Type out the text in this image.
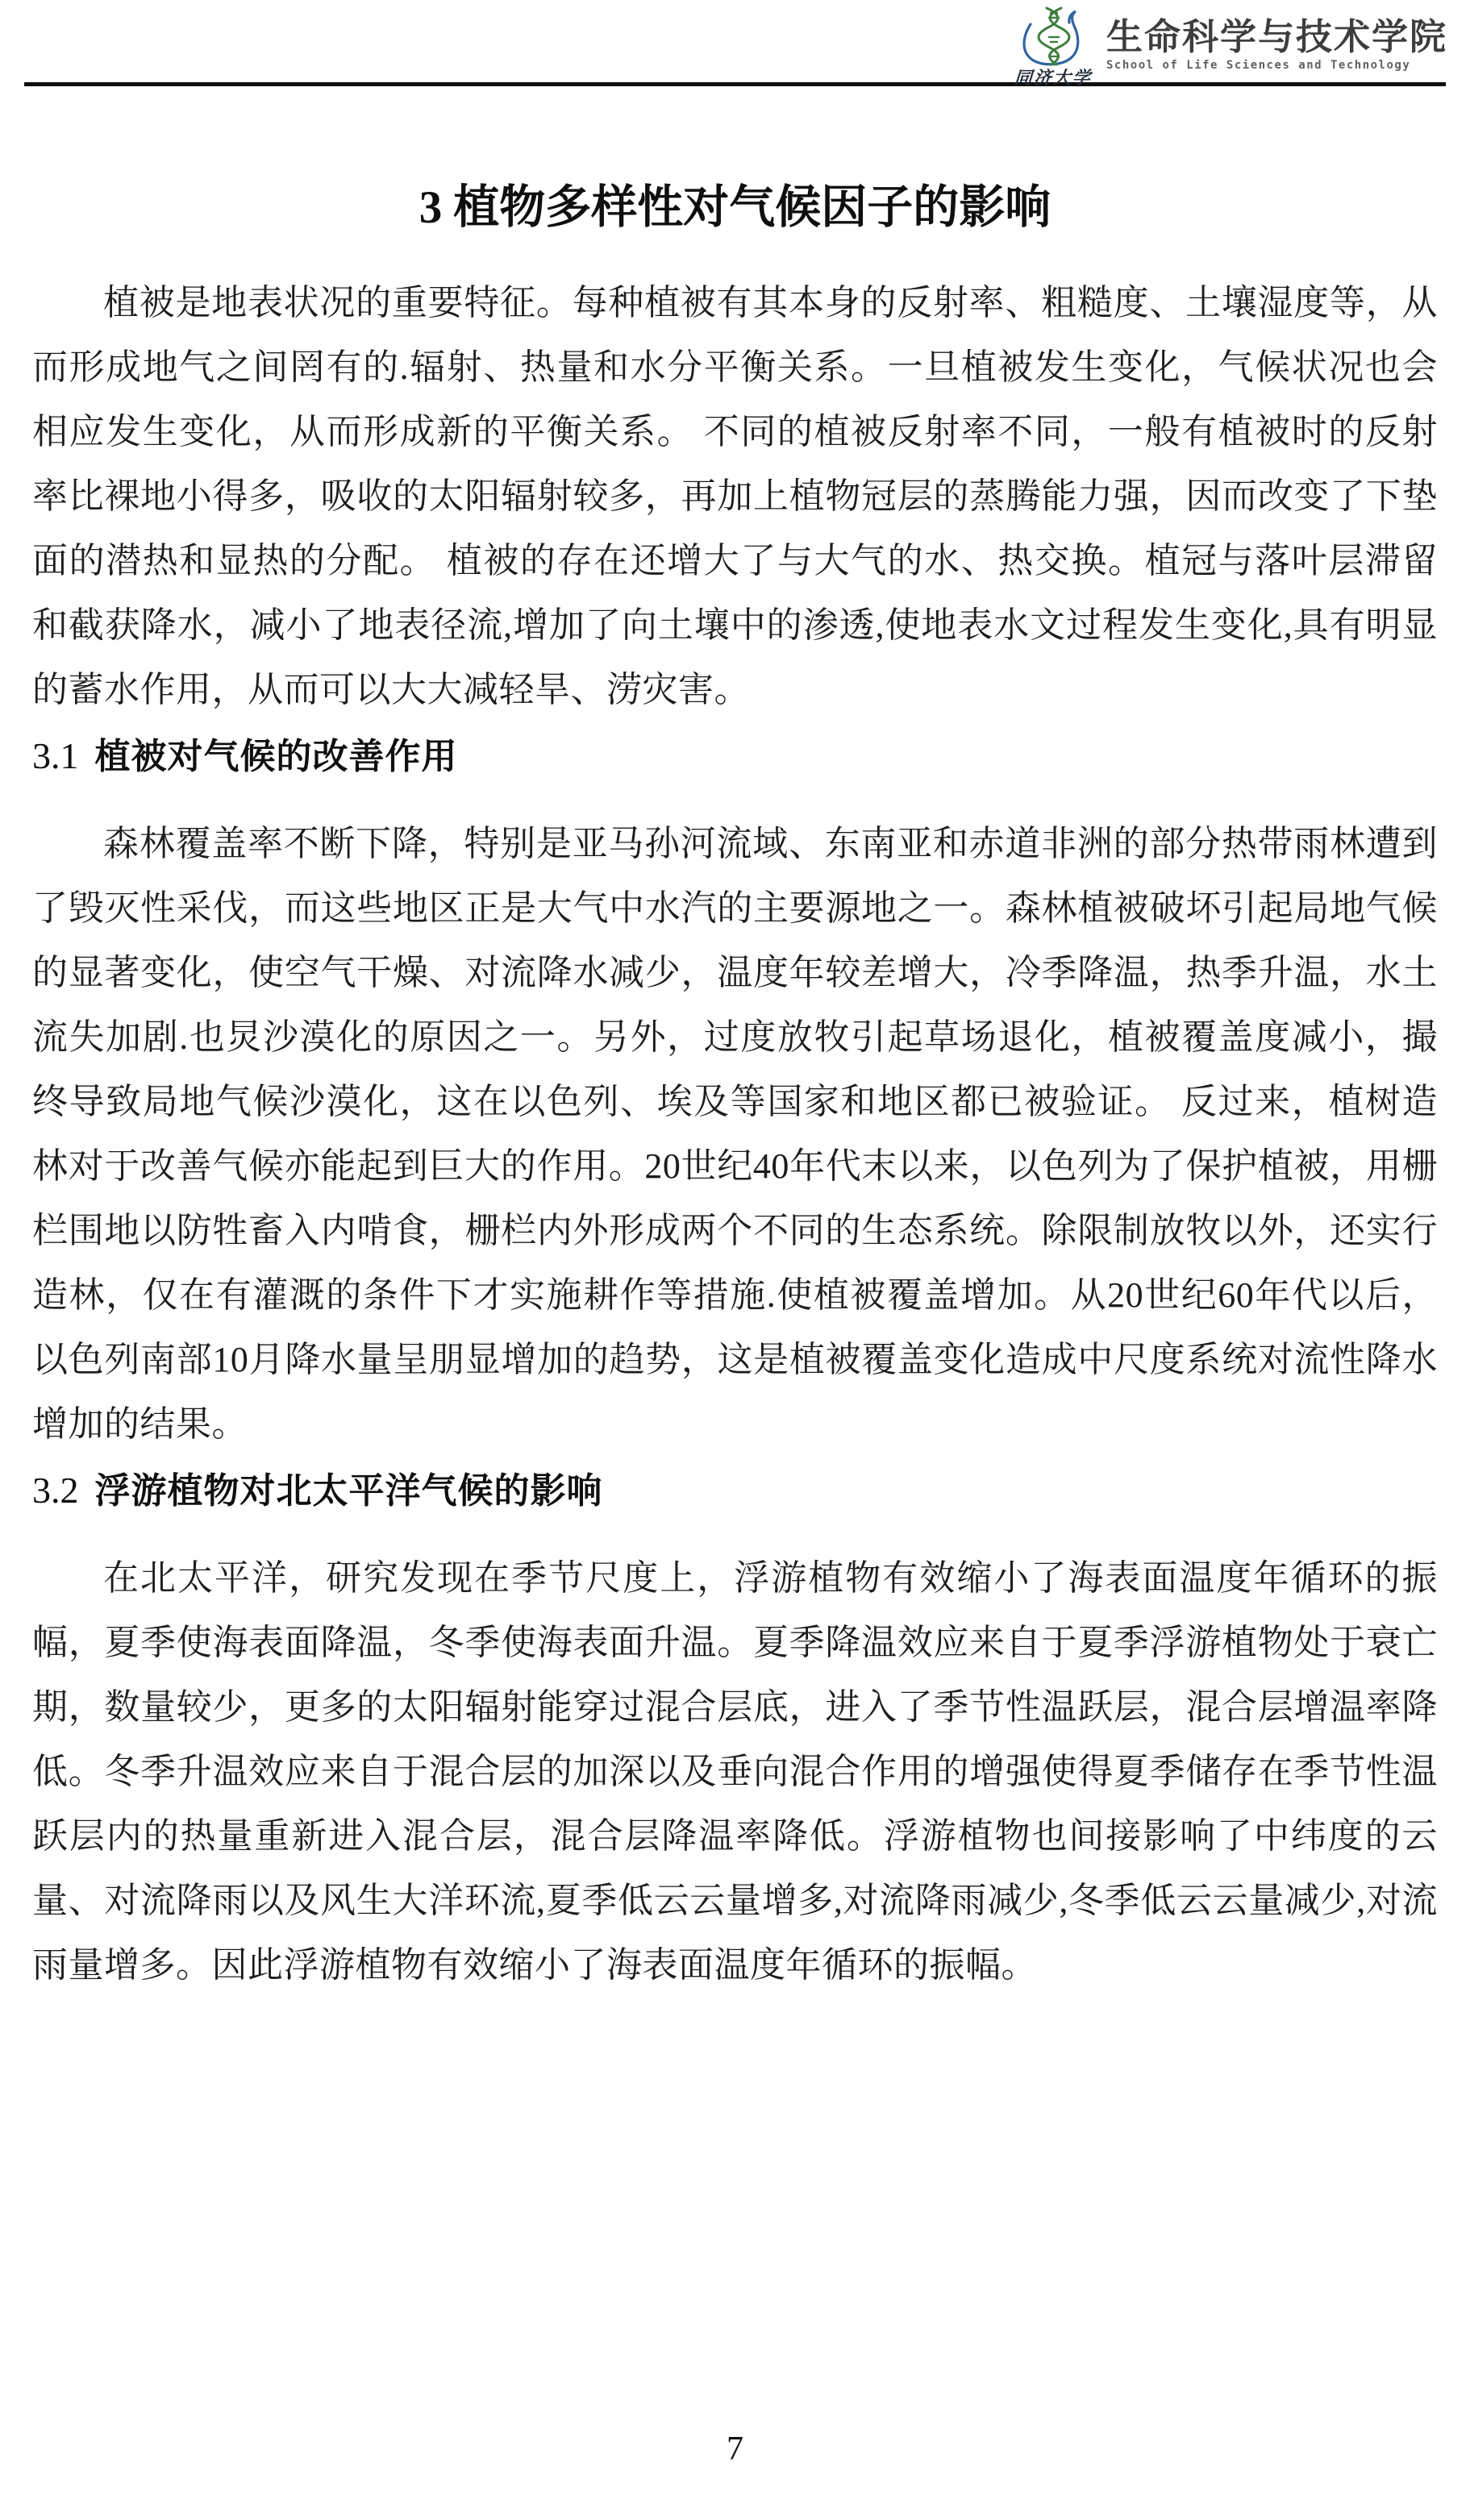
同济大学
生命科学与技术学院
School of Life Sciences and Technology
3 植物多样性对气候因子的影响

植被是地表状况的重要特征。每种植被有其本身的反射率、粗糙度、土壤湿度等，从而形成地气之间罔有的.辐射、热量和水分平衡关系。一旦植被发生变化，气候状况也会相应发生变化，从而形成新的平衡关系。 不同的植被反射率不同，一般有植被时的反射率比裸地小得多，吸收的太阳辐射较多，再加上植物冠层的蒸腾能力强，因而改变了下垫面的潜热和显热的分配。 植被的存在还增大了与大气的水、热交换。植冠与落叶层滞留和截获降水，减小了地表径流,增加了向土壤中的渗透,使地表水文过程发生变化,具有明显的蓄水作用，从而可以大大减轻旱、涝灾害。

3.1 植被对气候的改善作用

森林覆盖率不断下降，特别是亚马孙河流域、东南亚和赤道非洲的部分热带雨林遭到了毁灭性采伐，而这些地区正是大气中水汽的主要源地之一。森林植被破坏引起局地气候的显著变化，使空气干燥、对流降水减少，温度年较差增大，冷季降温，热季升温，水土流失加剧.也炅沙漠化的原因之一。另外，过度放牧引起草场退化，植被覆盖度减小，撮终导致局地气候沙漠化，这在以色列、埃及等国家和地区都已被验证。 反过来，植树造林对于改善气候亦能起到巨大的作用。20世纪40年代末以来，以色列为了保护植被，用栅栏围地以防牲畜入内啃食，栅栏内外形成两个不同的生态系统。除限制放牧以外，还实行造林，仅在有灌溉的条件下才实施耕作等措施.使植被覆盖增加。从20世纪60年代以后，以色列南部10月降水量呈朋显增加的趋势，这是植被覆盖变化造成中尺度系统对流性降水增加的结果。

3.2 浮游植物对北太平洋气候的影响

在北太平洋，研究发现在季节尺度上，浮游植物有效缩小了海表面温度年循环的振幅，夏季使海表面降温，冬季使海表面升温。夏季降温效应来自于夏季浮游植物处于衰亡期，数量较少，更多的太阳辐射能穿过混合层底，进入了季节性温跃层，混合层增温率降低。冬季升温效应来自于混合层的加深以及垂向混合作用的增强使得夏季储存在季节性温跃层内的热量重新进入混合层，混合层降温率降低。浮游植物也间接影响了中纬度的云量、对流降雨以及风生大洋环流,夏季低云云量增多,对流降雨减少,冬季低云云量减少,对流雨量增多。因此浮游植物有效缩小了海表面温度年循环的振幅。

7
